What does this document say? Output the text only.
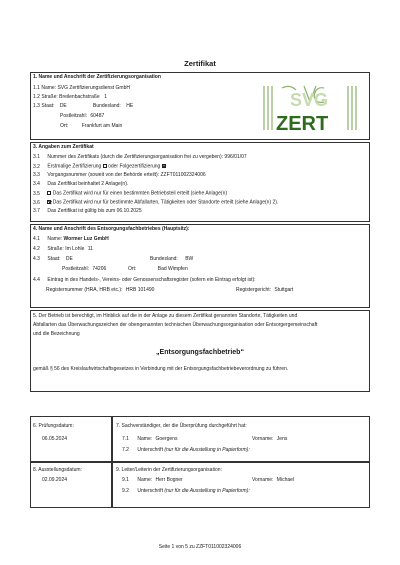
Zertifikat
1. Name und Anschrift der Zertifizierungsorganisation
1.1 Name: SVG Zertifizierungsdienst GmbH
1.2 Straße: Breilenbachstraße 1
1.3 Staat: DE	Bundesland: HE
Postleitzahl: 60487
Ort:	Frankfurt am Main
SVG
ZERT
3. Angaben zum Zertifikat
3.1 Nummer des Zertifikats (durch die Zertifizierungsorganisation frei zu vergeben): 996/01/07
3.2 Erstmalige Zertifizierung oder Folgezertifizierung
3.3 Vorgangsnummer (soweit von der Behörde erteilt): ZZFT011002324006
3.4 Das Zertifikat beinhaltet 2 Anlage(n).
3.5	Das Zertifikat wird nur für einen bestimmten Betriebsteil erteilt (siehe Anlage(n)
3.6	Das Zertifikat wird nur für bestimmte Abfallarten, Tätigkeiten oder Standorte erteilt (siehe Anlage(n) 2).
3.7 Das Zertifikat ist gültig bis zum 06.10.2025
4. Name und Anschrift des Entsorgungsfachbetriebes (Hauptsitz):
4.1 Name: Wormer Luz GmbH
4.2 Straße: Im Lohle 11
4.3 Staat: DE	Bundesland: BW
Postleitzahl: 74206	Ort:	Bad Wimpfen
4.4 Eintrag in des Handels-, Vereins- oder Genossenschaftsregister (sofern ein Eintrag erfolgt ist):
Registernummer (HRA, HRB etc.): HRB 101490	Registergericht: Stuttgart
5. Der Betrieb ist berechtigt, im Hinblick auf die in der Anlage zu diesem Zertifikat genannten Standorte, Tätigkeiten und
Abfallarten das Überwachungszeichen der obengenannten technischen Überwachungsorganisation oder Entsorgergemeinschaft
und die Bezeichnung
„Entsorgungsfachbetrieb“
gemäß § 56 des Kreislaufwirtschaftsgesetzes in Verbindung mit der Entsorgungsfachbetriebeverordnung zu führen.
6. Prüfungsdatum:
06.05.2024
7. Sachverständiger, der die Überprüfung durchgeführt hat:
7.1 Name: Goergens	Vorname: Jens
7.2 Unterschrift (nur für die Ausstellung in Papierform):
8. Ausstellungsdatum:
02.09.2024
9. Leiter/Leiterin der Zertifizierungsorganisation:
9.1 Name: Herr Bogner	Vorname: Michael
9.2 Unterschrift (nur für die Ausstellung in Papierform):
Seite 1 von 5 zu ZZFT011002324006
